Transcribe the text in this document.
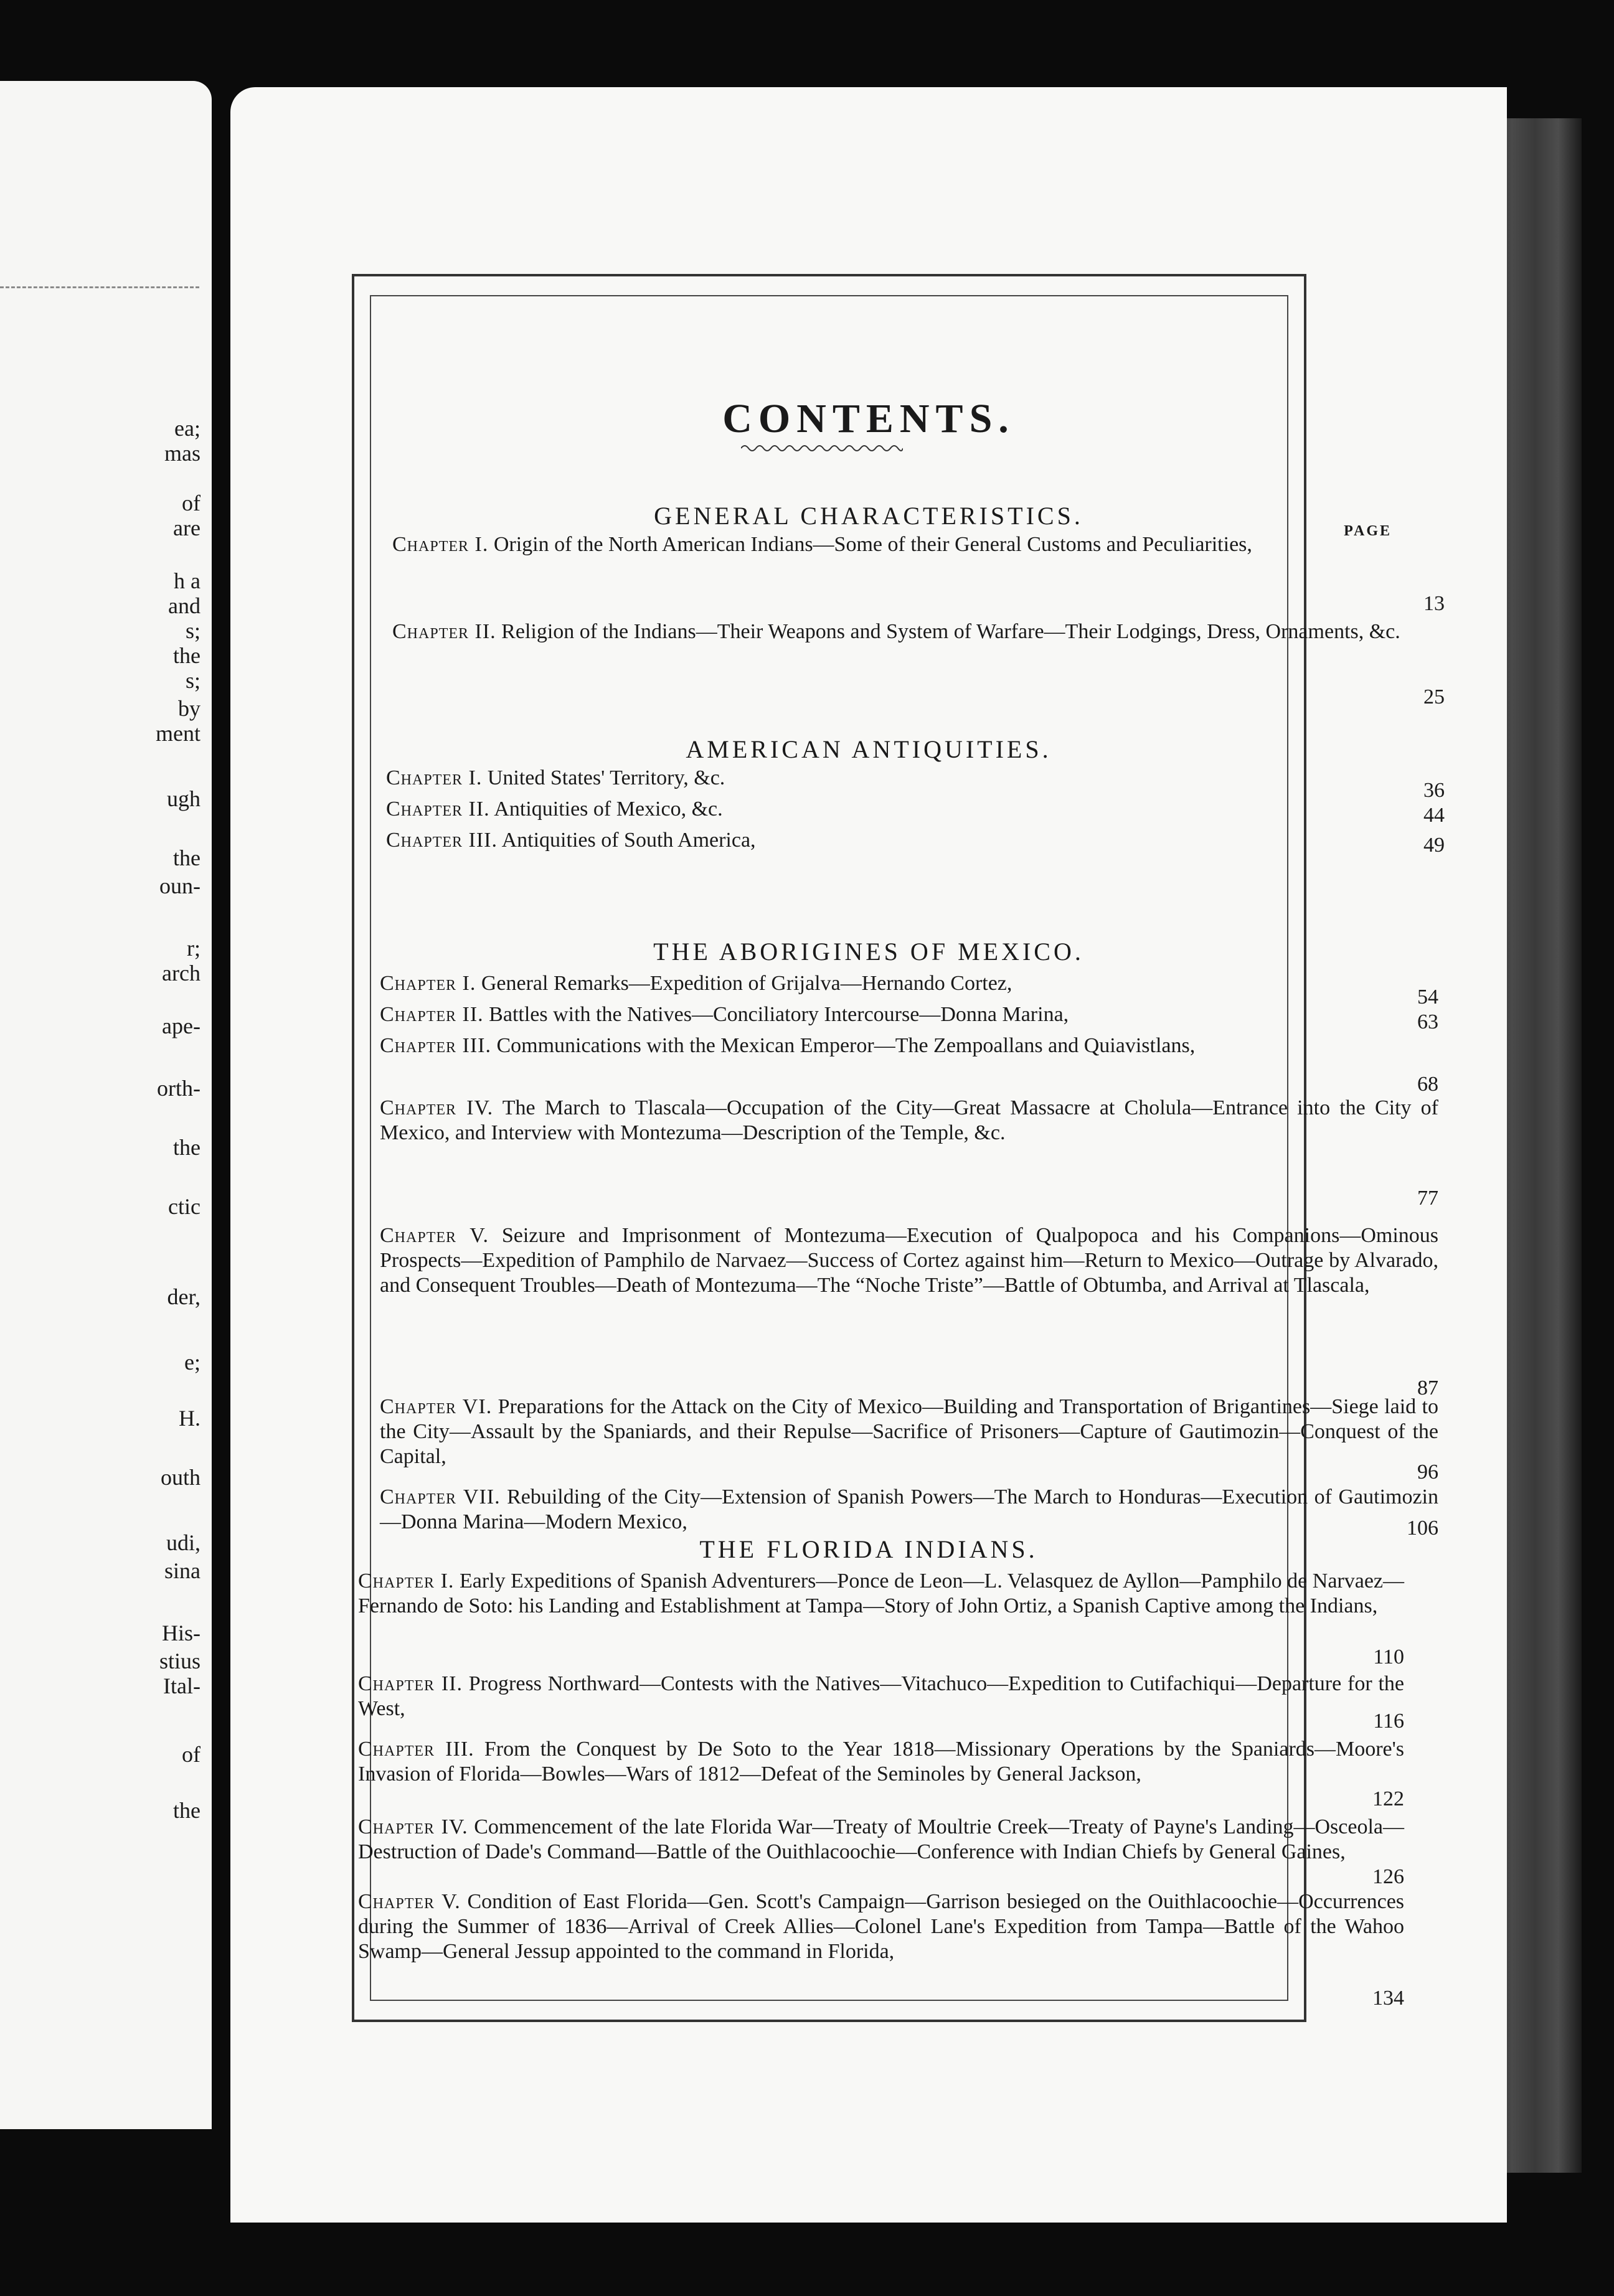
ea;

mas

of

are

h a

and

s;

the

s;

by

ment

ugh

the

oun-

r;

arch

ape-

orth-

the

ctic

der,

e;

H.

outh

udi,

sina

His-

stius

Ital-

of

the

CONTENTS.
PAGE
GENERAL CHARACTERISTICS.
Chapter I. Origin of the North American Indians—Some of their General Customs and Peculiarities,
13
Chapter II. Religion of the Indians—Their Weapons and System of Warfare—Their Lodgings, Dress, Ornaments, &c.
25
AMERICAN ANTIQUITIES.
Chapter I. United States' Territory, &c.
36
Chapter II. Antiquities of Mexico, &c.	44
Chapter III. Antiquities of South America,	49
THE ABORIGINES OF MEXICO.
Chapter I. General Remarks—Expedition of Grijalva—Hernando Cortez,
54
Chapter II. Battles with the Natives—Conciliatory Intercourse—Donna Marina,	63
Chapter III. Communications with the Mexican Emperor—The Zempoallans and Quiavistlans,
68
Chapter IV. The March to Tlascala—Occupation of the City—Great Massacre at Cholula—Entrance into the City of Mexico, and Interview with Montezuma—Description of the Temple, &c.
77
Chapter V. Seizure and Imprisonment of Montezuma—Execution of Qualpopoca and his Companions—Ominous Prospects—Expedition of Pamphilo de Narvaez—Success of Cortez against him—Return to Mexico—Outrage by Alvarado, and Consequent Troubles—Death of Montezuma—The “Noche Triste”—Battle of Obtumba, and Arrival at Tlascala,
87
Chapter VI. Preparations for the Attack on the City of Mexico—Building and Transportation of Brigantines—Siege laid to the City—Assault by the Spaniards, and their Repulse—Sacrifice of Prisoners—Capture of Gautimozin—Conquest of the Capital,
96
Chapter VII. Rebuilding of the City—Extension of Spanish Powers—The March to Honduras—Execution of Gautimozin—Donna Marina—Modern Mexico,	106
THE FLORIDA INDIANS.
Chapter I. Early Expeditions of Spanish Adventurers—Ponce de Leon—L. Velasquez de Ayllon—Pamphilo de Narvaez—Fernando de Soto: his Landing and Establishment at Tampa—Story of John Ortiz, a Spanish Captive among the Indians,
110
Chapter II. Progress Northward—Contests with the Natives—Vitachuco—Expedition to Cutifachiqui—Departure for the West,
116
Chapter III. From the Conquest by De Soto to the Year 1818—Missionary Operations by the Spaniards—Moore's Invasion of Florida—Bowles—Wars of 1812—Defeat of the Seminoles by General Jackson,
122
Chapter IV. Commencement of the late Florida War—Treaty of Moultrie Creek—Treaty of Payne's Landing—Osceola—Destruction of Dade's Command—Battle of the Ouithlacoochie—Conference with Indian Chiefs by General Gaines,
126
Chapter V. Condition of East Florida—Gen. Scott's Campaign—Garrison besieged on the Ouithlacoochie—Occurrences during the Summer of 1836—Arrival of Creek Allies—Colonel Lane's Expedition from Tampa—Battle of the Wahoo Swamp—General Jessup appointed to the command in Florida,
134
